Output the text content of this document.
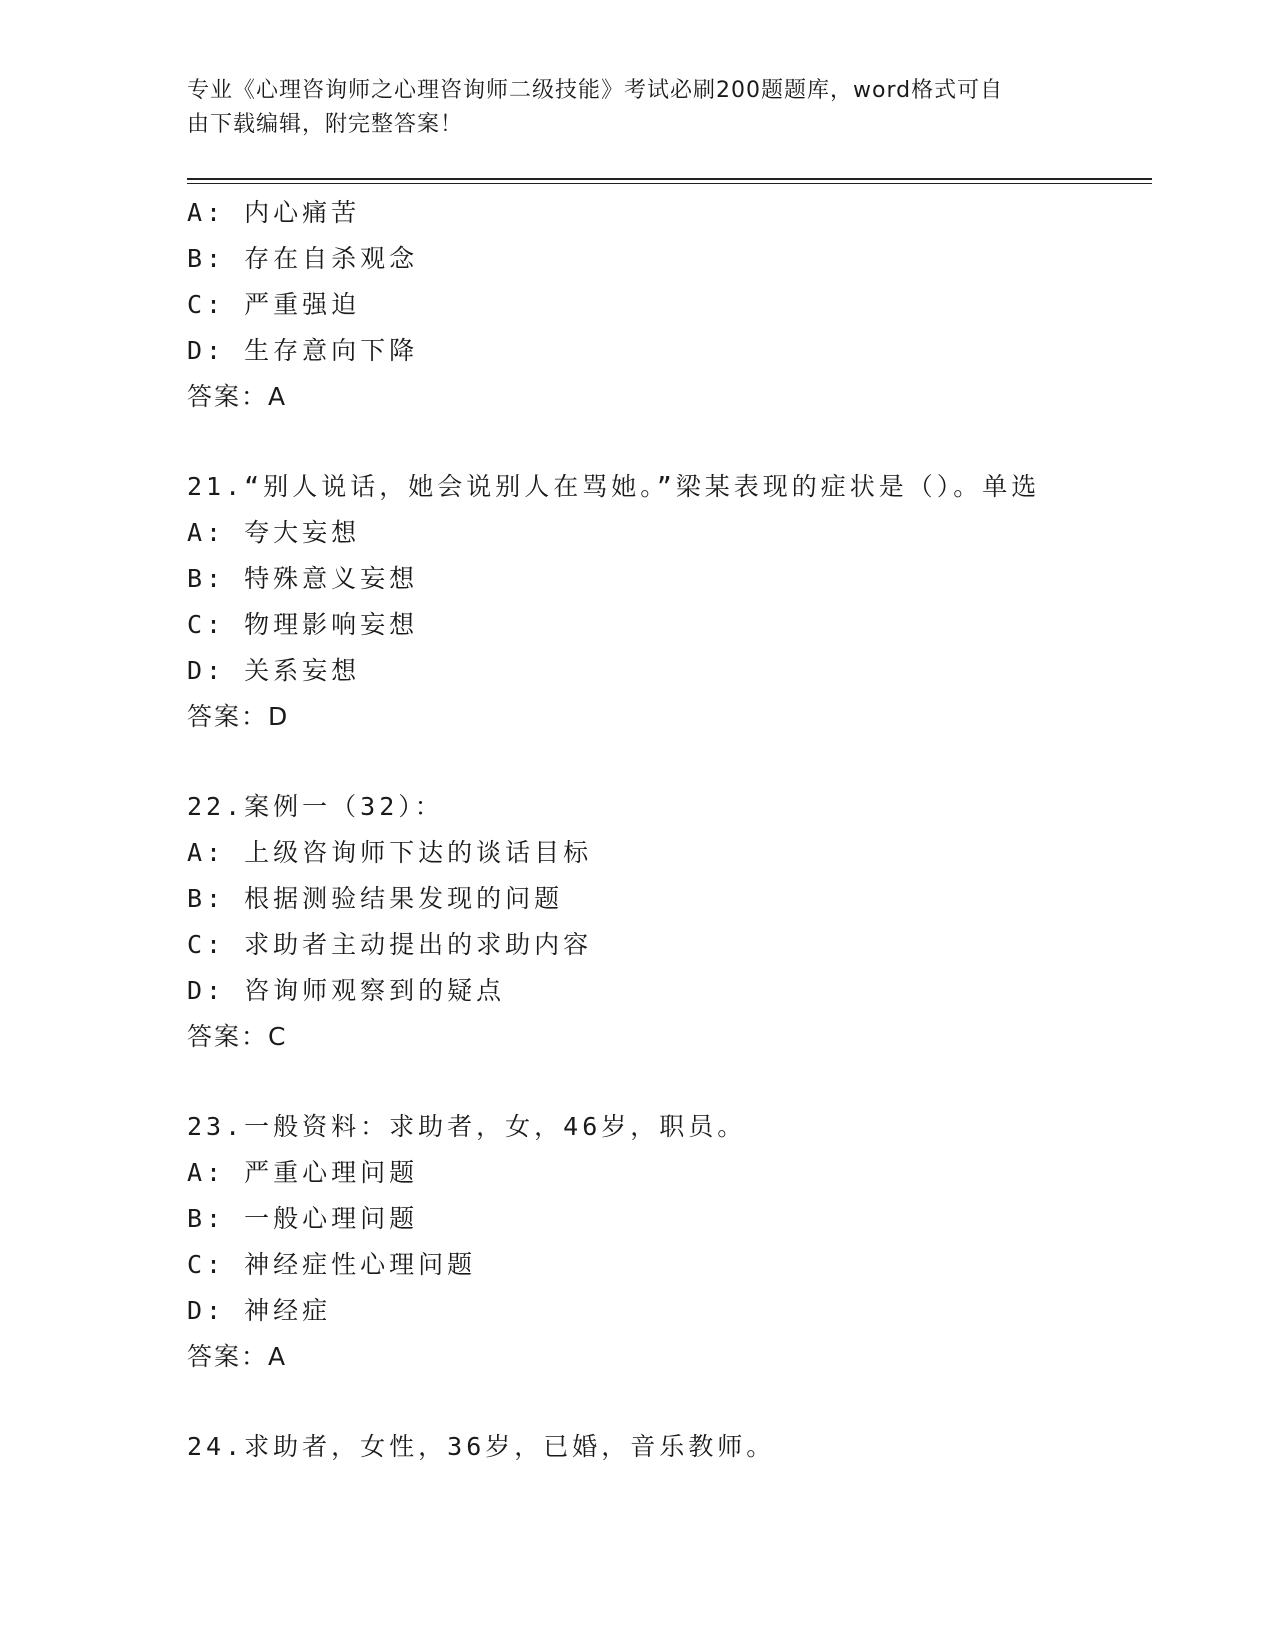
专业《心理咨询师之心理咨询师二级技能》考试必刷200题题库，word格式可自
由下载编辑，附完整答案！
A: 内心痛苦
B: 存在自杀观念
C: 严重强迫
D: 生存意向下降
答案：A
21.“别人说话，她会说别人在骂她。”梁某表现的症状是（）。单选
A: 夸大妄想
B: 特殊意义妄想
C: 物理影响妄想
D: 关系妄想
答案：D
22.案例一（32）：
A: 上级咨询师下达的谈话目标
B: 根据测验结果发现的问题
C: 求助者主动提出的求助内容
D: 咨询师观察到的疑点
答案：C
23.一般资料：求助者，女，46岁，职员。
A: 严重心理问题
B: 一般心理问题
C: 神经症性心理问题
D: 神经症
答案：A
24.求助者，女性，36岁，已婚，音乐教师。
